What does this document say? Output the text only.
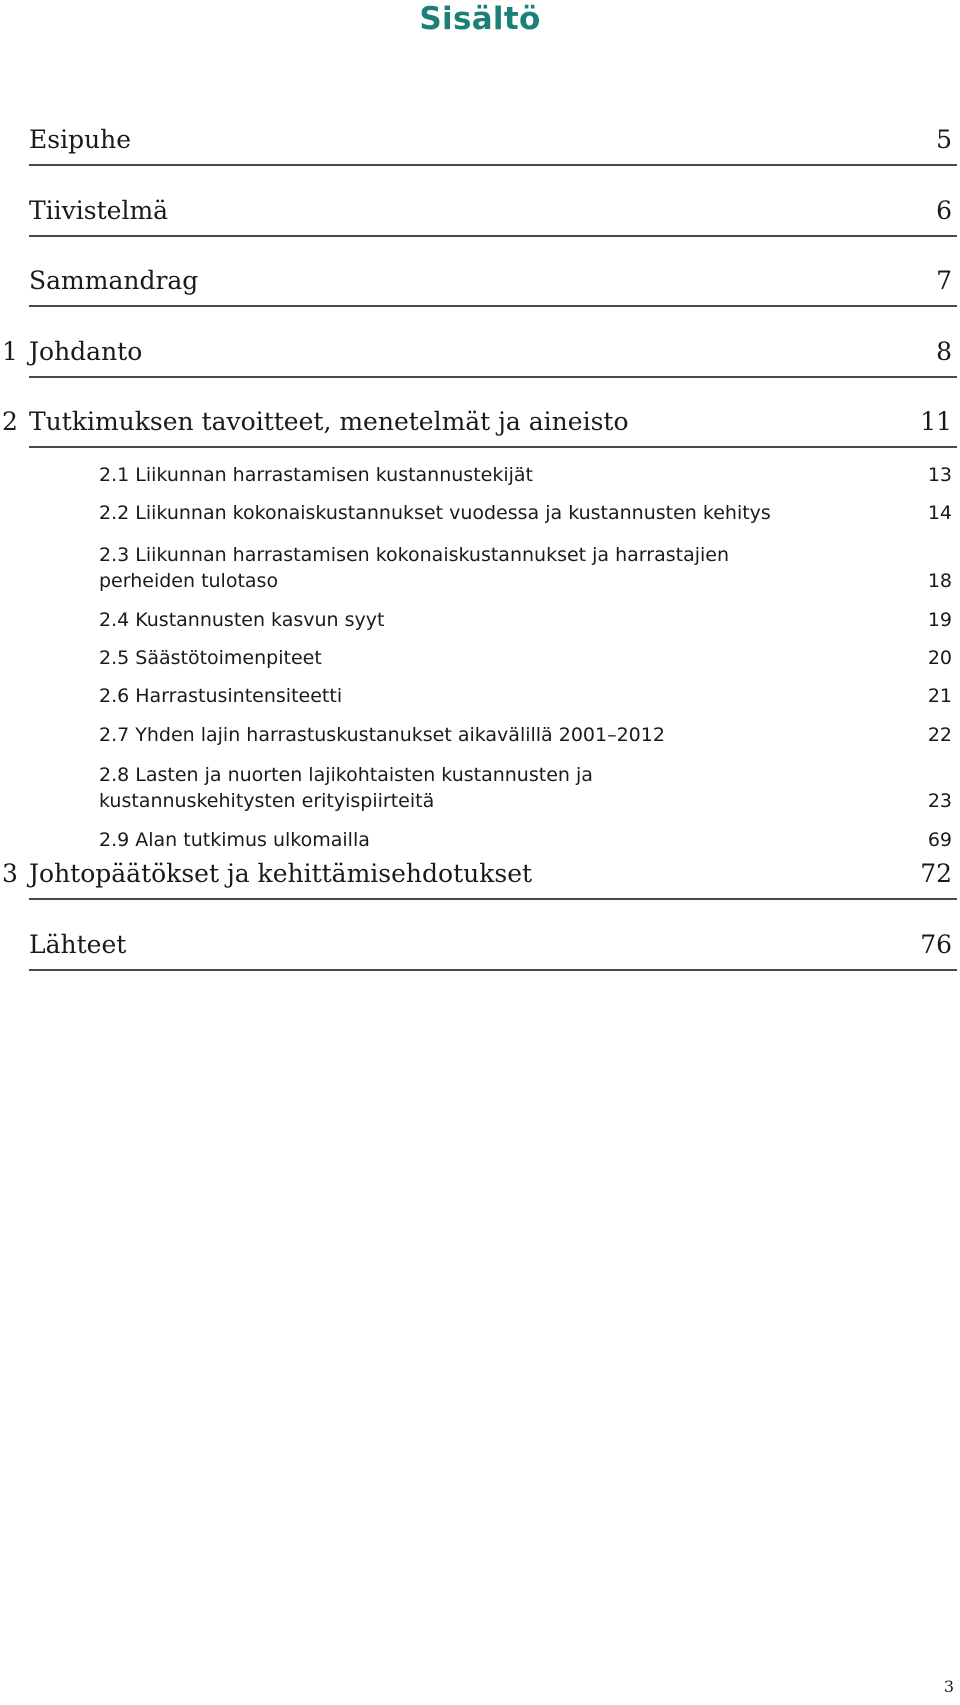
Sisältö
Esipuhe	5
Tiivistelmä	6
Sammandrag	7
1 Johdanto	8
2 Tutkimuksen tavoitteet, menetelmät ja aineisto	11
2.1 Liikunnan harrastamisen kustannustekijät	13
2.2 Liikunnan kokonaiskustannukset vuodessa ja kustannusten kehitys	14
2.3 Liikunnan harrastamisen kokonaiskustannukset ja harrastajien perheiden tulotaso	18
2.4 Kustannusten kasvun syyt	19
2.5 Säästötoimenpiteet	20
2.6 Harrastusintensiteetti	21
2.7 Yhden lajin harrastuskustanukset aikavälillä 2001–2012	22
2.8 Lasten ja nuorten lajikohtaisten kustannusten ja kustannuskehitysten erityispiirteitä	23
2.9 Alan tutkimus ulkomailla	69
3 Johtopäätökset ja kehittämisehdotukset	72
Lähteet	76
3
